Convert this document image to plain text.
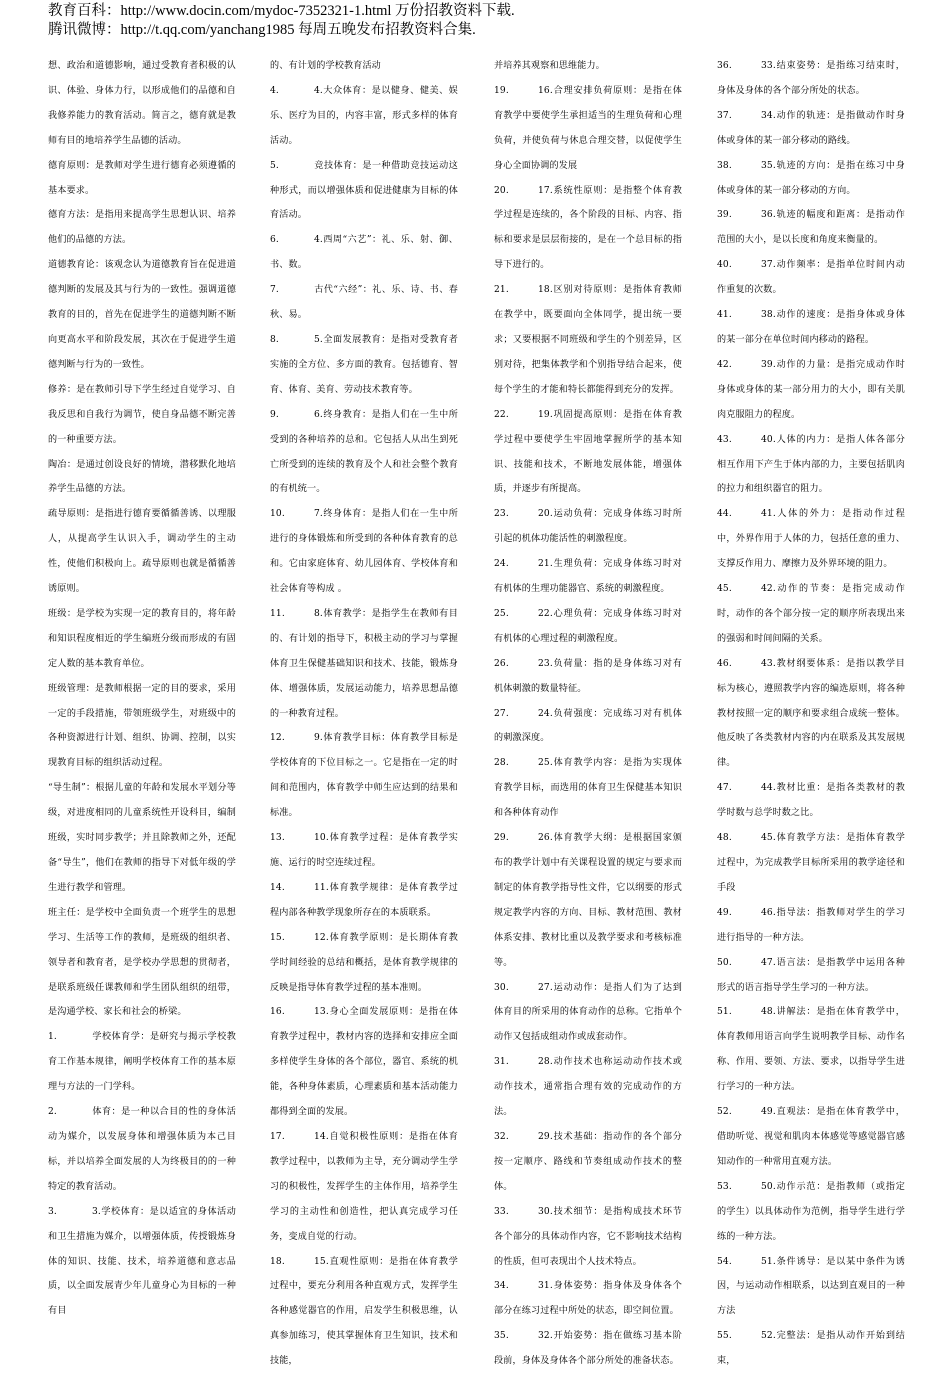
教育百科：http://www.docin.com/mydoc-7352321-1.html 万份招教资料下载.
腾讯微博：http://t.qq.com/yanchang1985 每周五晚发布招教资料合集.

想、政治和道德影响，通过受教育者积极的认识、体验、身体力行，以形成他们的品德和自我修养能力的教育活动。简言之，德育就是教师有目的地培养学生品德的活动。

德育原则：是教师对学生进行德育必须遵循的基本要求。

德育方法：是指用来提高学生思想认识、培养他们的品德的方法。

道德教育论：该观念认为道德教育旨在促进道德判断的发展及其与行为的一致性。强调道德教育的目的，首先在促进学生的道德判断不断向更高水平和阶段发展，其次在于促进学生道德判断与行为的一致性。

修养：是在教师引导下学生经过自觉学习、自我反思和自我行为调节，使自身品德不断完善的一种重要方法。

陶冶：是通过创设良好的情境，潜移默化地培养学生品德的方法。

疏导原则：是指进行德育要循循善诱、以理服人，从提高学生认识入手，调动学生的主动性，使他们积极向上。疏导原则也就是循循善诱原则。

班级：是学校为实现一定的教育目的，将年龄和知识程度相近的学生编班分级而形成的有固定人数的基本教育单位。

班级管理：是教师根据一定的目的要求，采用一定的手段措施，带领班级学生，对班级中的各种资源进行计划、组织、协调、控制，以实现教育目标的组织活动过程。

“导生制”：根据儿童的年龄和发展水平划分等级，对进度相同的儿童系统性开设科目，编制班级，实时同步教学；并且除教师之外，还配备“导生”，他们在教师的指导下对低年级的学生进行教学和管理。

班主任：是学校中全面负责一个班学生的思想学习、生活等工作的教师，是班级的组织者、领导者和教育者，是学校办学思想的贯彻者，是联系班级任课教师和学生团队组织的纽带，是沟通学校、家长和社会的桥梁。

1.	学校体育学：是研究与揭示学校教育工作基本规律，阐明学校体育工作的基本原理与方法的一门学科。

2.	体育：是一种以合目的性的身体活动为媒介，以发展身体和增强体质为本己目标，并以培养全面发展的人为终极目的的一种特定的教育活动。

3.	3.学校体育：是以适宜的身体活动和卫生措施为媒介，以增强体质，传授锻炼身体的知识、技能、技术，培养道德和意志品质，以全面发展青少年儿童身心为目标的一种有目

的、有计划的学校教育活动

4.	4.大众体育：是以健身、健美、娱乐、医疗为目的，内容丰富，形式多样的体育活动。

5.	竞技体育：是一种借助竞技运动这种形式，而以增强体质和促进健康为目标的体育活动。

6.	4.西周“六艺”：礼、乐、射、御、书、数。

7.	古代“六经”：礼、乐、诗、书、春秋、易。

8.	5.全面发展教育：是指对受教育者实施的全方位、多方面的教育。包括德育、智育、体育、美育、劳动技术教育等。

9.	6.终身教育：是指人们在一生中所受到的各种培养的总和。它包括人从出生到死亡所受到的连续的教育及个人和社会整个教育的有机统一。

10.	7.终身体育：是指人们在一生中所进行的身体锻炼和所受到的各种体育教育的总和。它由家庭体育、幼儿园体育、学校体育和社会体育等构成 。

11.	8.体育教学：是指学生在教师有目的、有计划的指导下，积极主动的学习与掌握体育卫生保健基础知识和技术、技能，锻炼身体、增强体质，发展运动能力，培养思想品德的一种教育过程。

12.	9.体育教学目标：体育教学目标是学校体育的下位目标之一。它是指在一定的时间和范围内，体育教学中师生应达到的结果和标准。

13.	10.体育教学过程：是体育教学实施、运行的时空连续过程。

14.	11.体育教学规律：是体育教学过程内部各种教学现象所存在的本质联系。

15.	12.体育教学原则：是长期体育教学时间经验的总结和概括，是体育教学规律的反映是指导体育教学过程的基本准则。

16.	13.身心全面发展原则：是指在体育教学过程中，教材内容的选择和安排应全面多样使学生身体的各个部位，器官、系统的机能，各种身体素质，心理素质和基本活动能力都得到全面的发展。

17.	14.自觉积极性原则：是指在体育教学过程中，以教师为主导，充分调动学生学习的积极性，发挥学生的主体作用，培养学生学习的主动性和创造性，把认真完成学习任务，变成自觉的行动。

18.	15.直观性原则：是指在体育教学过程中，要充分利用各种直观方式，发挥学生各种感觉器官的作用，启发学生积极思维，认真参加练习，使其掌握体育卫生知识，技术和技能，

并培养其观察和思维能力。

19.	16.合理安排负荷原则：是指在体育教学中要使学生承担适当的生理负荷和心理负荷，并使负荷与休息合理交替，以促使学生身心全面协调的发展

20.	17.系统性原则：是指整个体育教学过程是连续的，各个阶段的目标、内容、指标和要求是层层衔接的，是在一个总目标的指导下进行的。

21.	18.区别对待原则：是指体育教师在教学中，既要面向全体同学，提出统一要求；又要根据不同班级和学生的个别差异，区别对待，把集体教学和个别指导结合起来，使每个学生的才能和特长都能得到充分的发挥。

22.	19.巩固提高原则：是指在体育教学过程中要使学生牢固地掌握所学的基本知识、技能和技术，不断地发展体能，增强体质，并逐步有所提高。

23.	20.运动负荷：完成身体练习时所引起的机体功能活性的刺激程度。

24.	21.生理负荷：完成身体练习时对有机体的生理功能器官、系统的刺激程度。

25.	22.心理负荷：完成身体练习时对有机体的心理过程的刺激程度。

26.	23.负荷量：指的是身体练习对有机体刺激的数量特征。

27.	24.负荷强度：完成练习对有机体的刺激深度。

28.	25.体育教学内容：是指为实现体育教学目标，而选用的体育卫生保健基本知识和各种体育动作

29.	26.体育教学大纲：是根据国家颁布的教学计划中有关课程设置的规定与要求而制定的体育教学指导性文件，它以纲要的形式规定教学内容的方向、目标、教材范围、教材体系安排、教材比重以及教学要求和考核标准等。

30.	27.运动动作：是指人们为了达到体育目的所采用的体育动作的总称。它指单个动作又包括成组动作或成套动作。

31.	28.动作技术也称运动动作技术或动作技术，通常指合理有效的完成动作的方法。

32.	29.技术基础：指动作的各个部分按一定顺序、路线和节奏组成动作技术的整体。

33.	30.技术细节：是指构成技术环节各个部分的具体动作内容，它不影响技术结构的性质，但可表现出个人技术特点。

34.	31.身体姿势：指身体及身体各个部分在练习过程中所处的状态，即空间位置。

35.	32.开始姿势：指在做练习基本阶段前，身体及身体各个部分所处的准备状态。

36.	33.结束姿势：是指练习结束时，身体及身体的各个部分所处的状态。

37.	34.动作的轨迹：是指做动作时身体或身体的某一部分移动的路线。

38.	35.轨迹的方向：是指在练习中身体或身体的某一部分移动的方向。

39.	36.轨迹的幅度和距离：是指动作范围的大小，是以长度和角度来衡量的。

40.	37.动作频率：是指单位时间内动作重复的次数。

41.	38.动作的速度：是指身体或身体的某一部分在单位时间内移动的路程。

42.	39.动作的力量：是指完成动作时身体或身体的某一部分用力的大小，即有关肌肉克服阻力的程度。

43.	40.人体的内力：是指人体各部分相互作用下产生于体内部的力，主要包括肌肉的拉力和组织器官的阻力。

44.	41.人体的外力：是指动作过程中，外界作用于人体的力，包括任意的重力、支撑反作用力、摩擦力及外界环境的阻力。

45.	42.动作的节奏：是指完成动作时，动作的各个部分按一定的顺序所表现出来的强弱和时间间隔的关系。

46.	43.教材纲要体系：是指以教学目标为核心，遵照教学内容的编选原则，将各种教材按照一定的顺序和要求组合成统一整体。他反映了各类教材内容的内在联系及其发展规律。

47.	44.教材比重：是指各类教材的教学时数与总学时数之比。

48.	45.体育教学方法：是指体育教学过程中，为完成教学目标所采用的教学途径和手段

49.	46.指导法：指教师对学生的学习进行指导的一种方法。

50.	47.语言法：是指教学中运用各种形式的语言指导学生学习的一种方法。

51.	48.讲解法：是指在体育教学中，体育教师用语言向学生说明教学目标、动作名称、作用、要领、方法、要求，以指导学生进行学习的一种方法。

52.	49.直观法：是指在体育教学中，借助听觉、视觉和肌肉本体感觉等感觉器官感知动作的一种常用直观方法。

53.	50.动作示范：是指教师（或指定的学生）以具体动作为范例，指导学生进行学练的一种方法。

54.	51.条件诱导：是以某中条件为诱因，与运动动作相联系，以达到直观目的一种方法

55.	52.完整法：是指从动作开始到结束，
